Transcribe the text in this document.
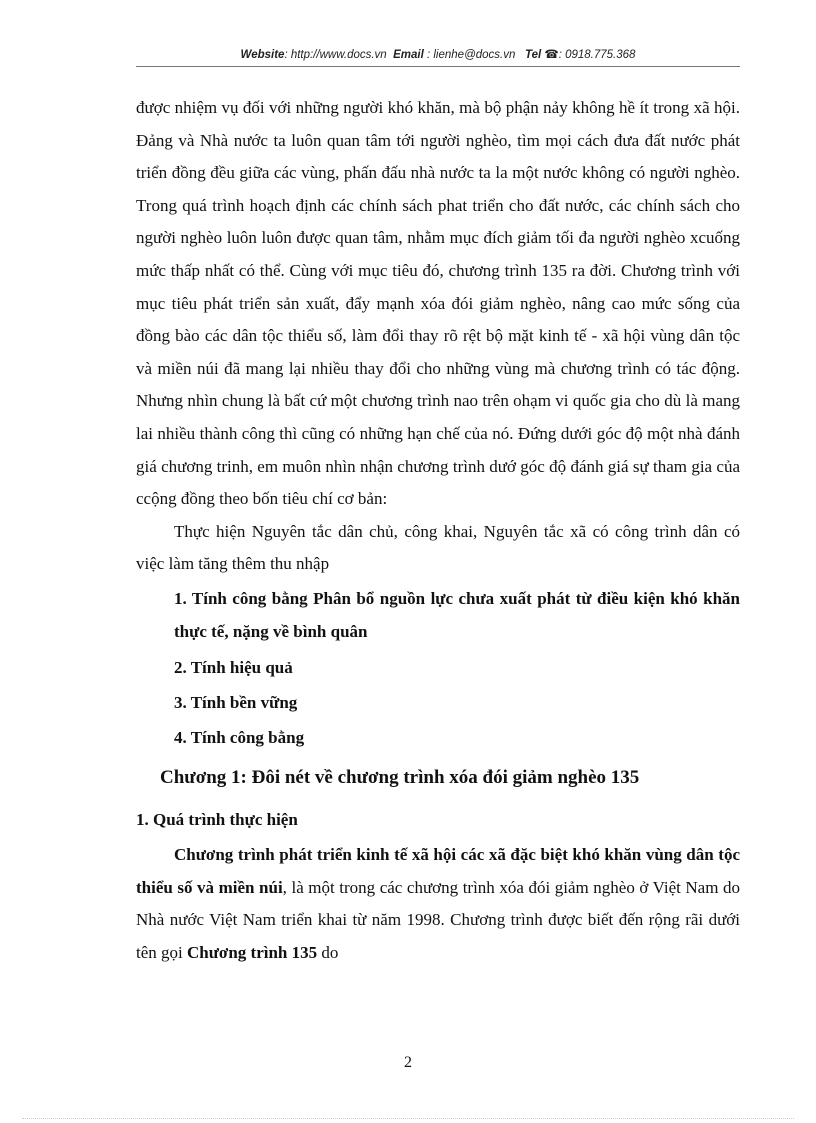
Website: http://www.docs.vn Email : lienhe@docs.vn Tel ☎: 0918.775.368

được nhiệm vụ đối với những người khó khăn, mà bộ phận nảy không hề ít trong xã hội. Đảng và Nhà nước ta luôn quan tâm tới người nghèo, tìm mọi cách đưa đất nước phát triển đồng đều giữa các vùng, phấn đấu nhà nước ta la một nước không có người nghèo. Trong quá trình hoạch định các chính sách phat triển cho đất nước, các chính sách cho người nghèo luôn luôn được quan tâm, nhằm mục đích giảm tối đa người nghèo xcuống mức thấp nhất có thể. Cùng với mục tiêu đó, chương trình 135 ra đời. Chương trình với mục tiêu phát triển sản xuất, đẩy mạnh xóa đói giảm nghèo, nâng cao mức sống của đồng bào các dân tộc thiểu số, làm đổi thay rõ rệt bộ mặt kinh tế - xã hội vùng dân tộc và miền núi đã mang lại nhiều thay đổi cho những vùng mà chương trình có tác động. Nhưng nhìn chung là bất cứ một chương trình nao trên ohạm vi quốc gia cho dù là mang lai nhiều thành công thì cũng có những hạn chế của nó. Đứng dưới góc độ một nhà đánh giá chương trinh, em muôn nhìn nhận chương trình dướ góc độ đánh giá sự tham gia của ccộng đồng theo bốn tiêu chí cơ bản:

Thực hiện Nguyên tắc dân chủ, công khai, Nguyên tắc xã có công trình dân có việc làm tăng thêm thu nhập

1. Tính công bằng Phân bổ nguồn lực chưa xuất phát từ điều kiện khó khăn thực tế, nặng về bình quân

2. Tính hiệu quả

3. Tính bền vững

4. Tính công bằng

Chương 1: Đôi nét về chương trình xóa đói giảm nghèo 135

1. Quá trình thực hiện

Chương trình phát triển kinh tế xã hội các xã đặc biệt khó khăn vùng dân tộc thiểu số và miền núi, là một trong các chương trình xóa đói giảm nghèo ở Việt Nam do Nhà nước Việt Nam triển khai từ năm 1998. Chương trình được biết đến rộng rãi dưới tên gọi Chương trình 135 do

2
